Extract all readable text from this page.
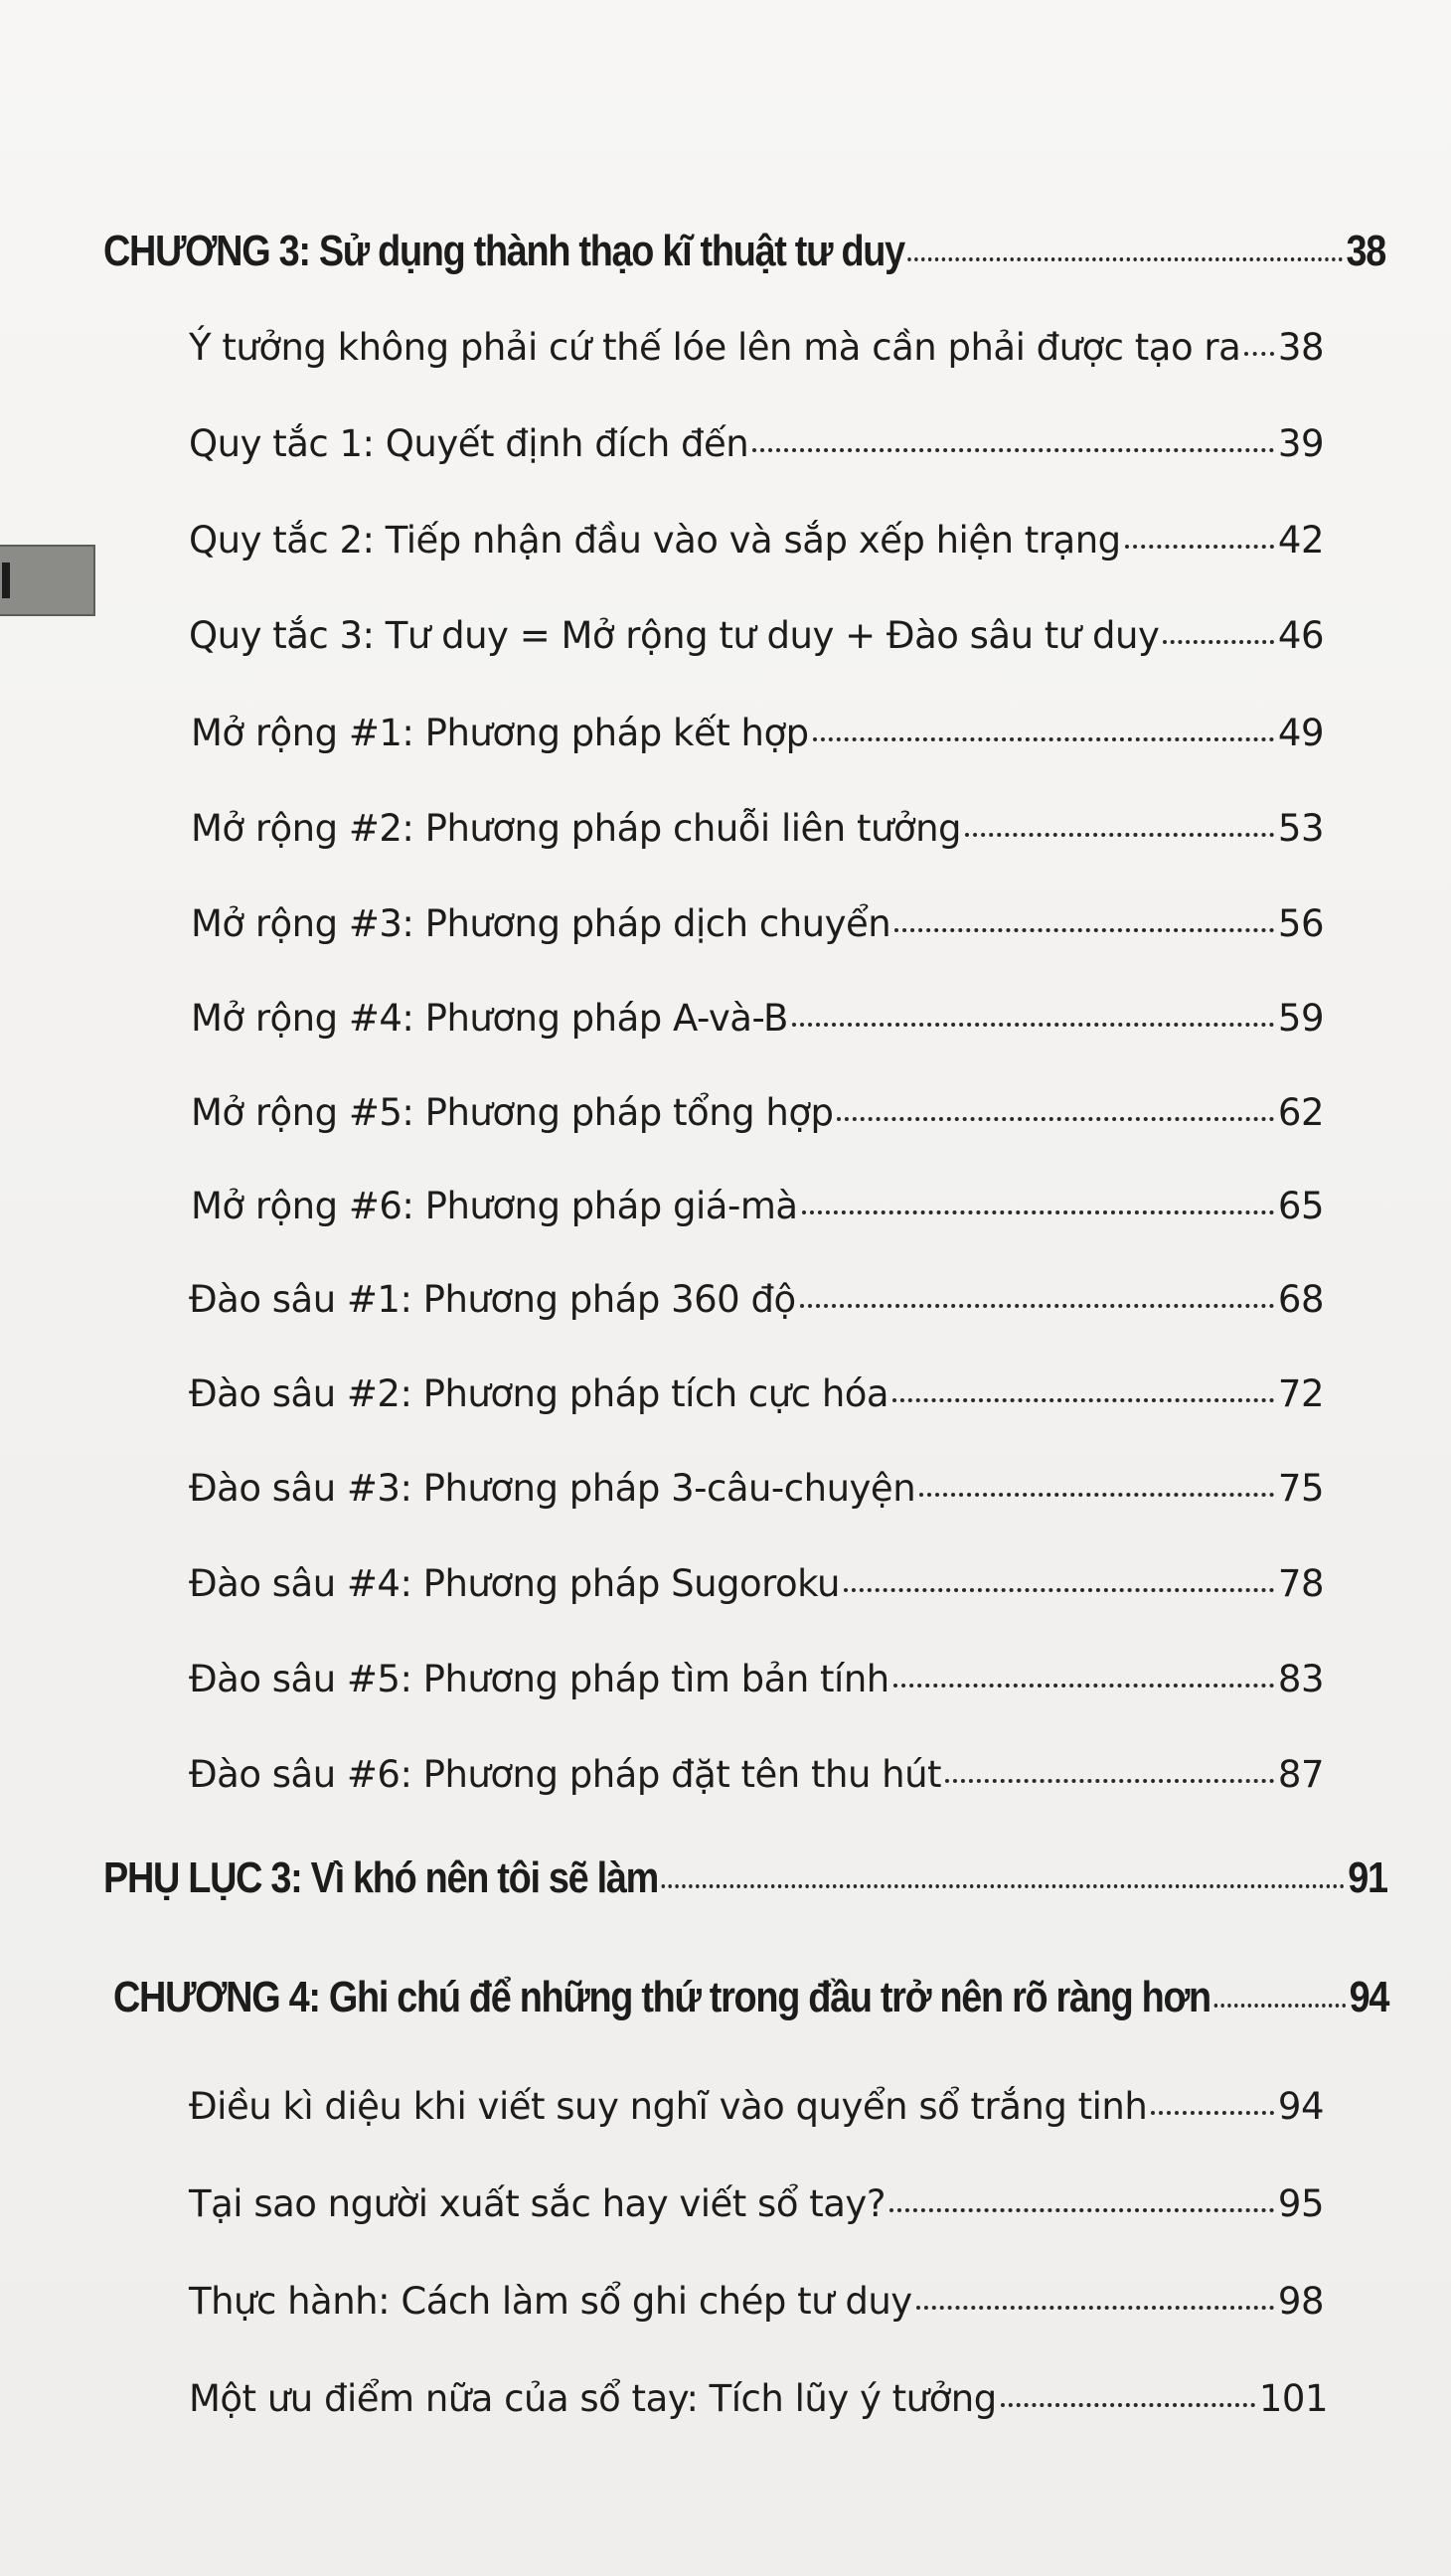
CHƯƠNG 3: Sử dụng thành thạo kĩ thuật tư duy	38
Ý tưởng không phải cứ thế lóe lên mà cần phải được tạo ra 38
Quy tắc 1: Quyết định đích đến	39
Quy tắc 2: Tiếp nhận đầu vào và sắp xếp hiện trạng	42
Quy tắc 3: Tư duy = Mở rộng tư duy + Đào sâu tư duy	46
Mở rộng #1: Phương pháp kết hợp	49
Mở rộng #2: Phương pháp chuỗi liên tưởng	53
Mở rộng #3: Phương pháp dịch chuyển	56
Mở rộng #4: Phương pháp A-và-B	59
Mở rộng #5: Phương pháp tổng hợp	62
Mở rộng #6: Phương pháp giá-mà	65
Đào sâu #1: Phương pháp 360 độ	68
Đào sâu #2: Phương pháp tích cực hóa	72
Đào sâu #3: Phương pháp 3-câu-chuyện	75
Đào sâu #4: Phương pháp Sugoroku	78
Đào sâu #5: Phương pháp tìm bản tính	83
Đào sâu #6: Phương pháp đặt tên thu hút	87
PHỤ LỤC 3: Vì khó nên tôi sẽ làm	91
CHƯƠNG 4: Ghi chú để những thứ trong đầu trở nên rõ ràng hơn	94
Điều kì diệu khi viết suy nghĩ vào quyển sổ trắng tinh	94
Tại sao người xuất sắc hay viết sổ tay?	95
Thực hành: Cách làm sổ ghi chép tư duy	98
Một ưu điểm nữa của sổ tay: Tích lũy ý tưởng	101
